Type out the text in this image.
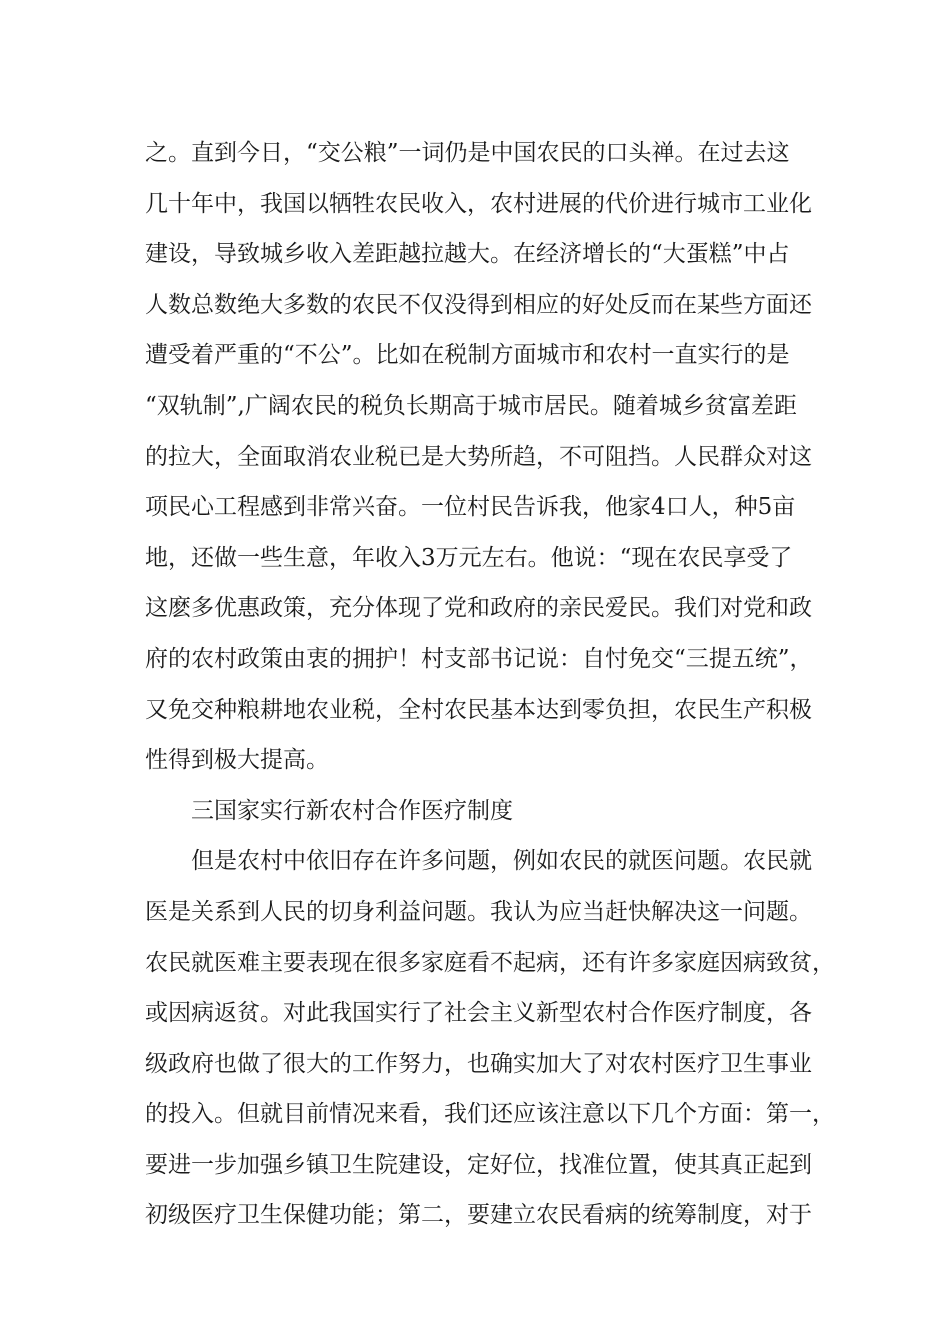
之。直到今日，“交公粮”一词仍是中国农民的口头禅。在过去这
几十年中，我国以牺牲农民收入，农村进展的代价进行城市工业化
建设，导致城乡收入差距越拉越大。在经济增长的“大蛋糕”中占
人数总数绝大多数的农民不仅没得到相应的好处反而在某些方面还
遭受着严重的“不公”。比如在税制方面城市和农村一直实行的是
“双轨制”,广阔农民的税负长期高于城市居民。随着城乡贫富差距
的拉大，全面取消农业税已是大势所趋，不可阻挡。人民群众对这
项民心工程感到非常兴奋。一位村民告诉我，他家4口人，种5亩
地，还做一些生意，年收入3万元左右。他说：“现在农民享受了
这麽多优惠政策，充分体现了党和政府的亲民爱民。我们对党和政
府的农村政策由衷的拥护！村支部书记说：自忖免交“三提五统”，
又免交种粮耕地农业税，全村农民基本达到零负担，农民生产积极
性得到极大提高。
三国家实行新农村合作医疗制度
但是农村中依旧存在许多问题，例如农民的就医问题。农民就
医是关系到人民的切身利益问题。我认为应当赶快解决这一问题。
农民就医难主要表现在很多家庭看不起病，还有许多家庭因病致贫，
或因病返贫。对此我国实行了社会主义新型农村合作医疗制度，各
级政府也做了很大的工作努力，也确实加大了对农村医疗卫生事业
的投入。但就目前情况来看，我们还应该注意以下几个方面：第一，
要进一步加强乡镇卫生院建设，定好位，找准位置，使其真正起到
初级医疗卫生保健功能；第二，要建立农民看病的统筹制度，对于
